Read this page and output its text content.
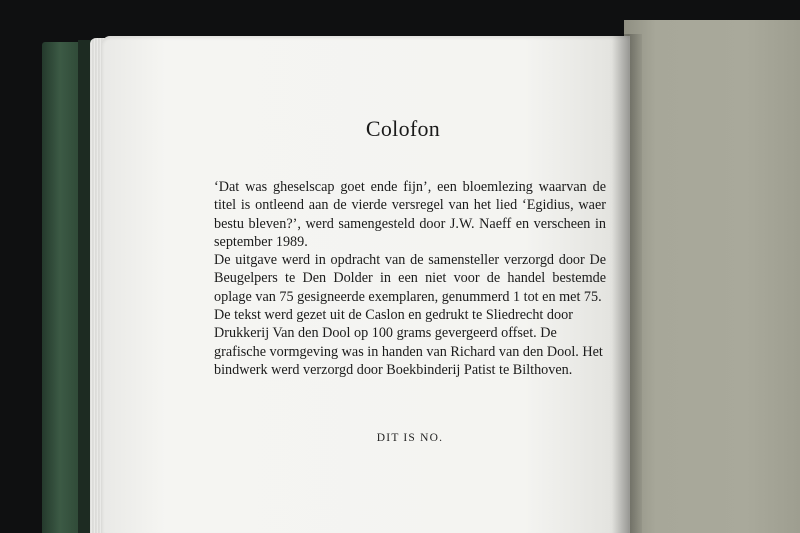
Colofon

‘Dat was gheselscap goet ende fijn’, een bloemlezing waarvan de titel is ontleend aan de vierde versregel van het lied ‘Egidius, waer bestu bleven?’, werd samengesteld door J.W. Naeff en verscheen in september 1989.

De uitgave werd in opdracht van de samensteller verzorgd door De Beugelpers te Den Dolder in een niet voor de handel bestemde oplage van 75 gesigneerde exemplaren, genummerd 1 tot en met 75.

De tekst werd gezet uit de Caslon en gedrukt te Sliedrecht door Drukkerij Van den Dool op 100 grams gevergeerd offset. De grafische vormgeving was in handen van Richard van den Dool. Het bindwerk werd verzorgd door Boekbinderij Patist te Bilthoven.

DIT IS NO.
